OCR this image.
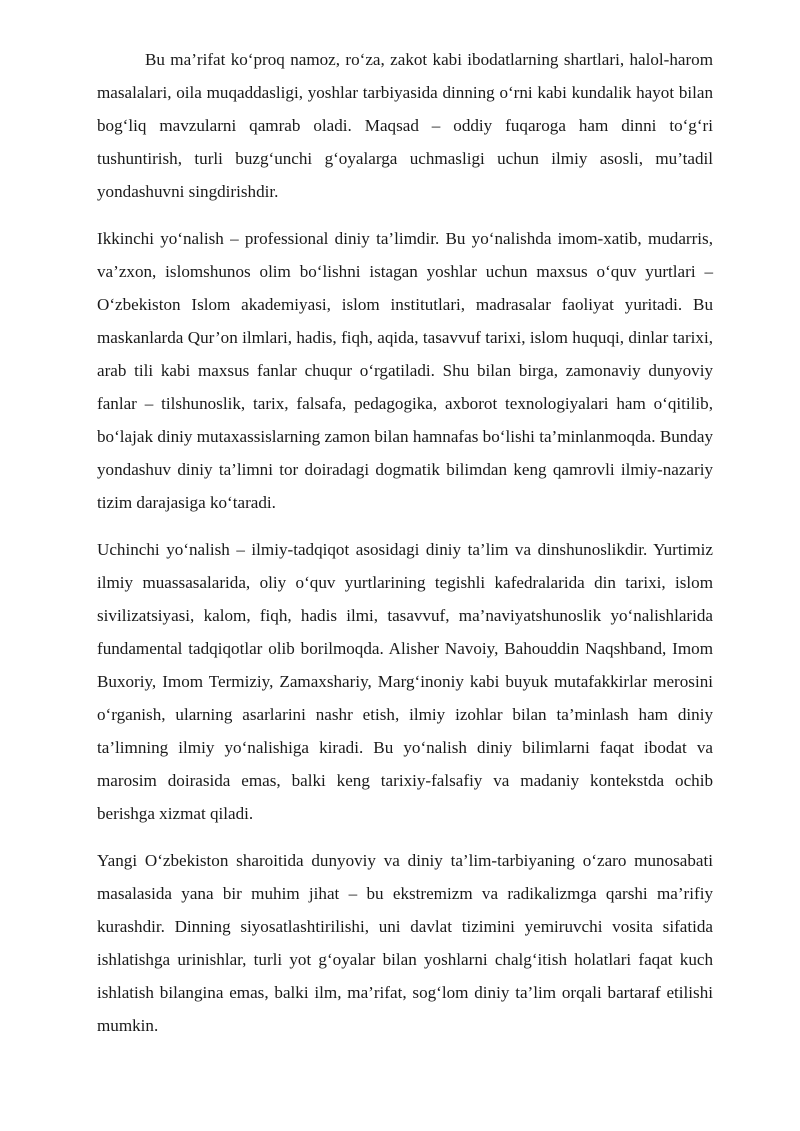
Bu ma’rifat ko‘proq namoz, ro‘za, zakot kabi ibodatlarning shartlari, halol-harom masalalari, oila muqaddasligi, yoshlar tarbiyasida dinning o‘rni kabi kundalik hayot bilan bog‘liq mavzularni qamrab oladi. Maqsad – oddiy fuqaroga ham dinni to‘g‘ri tushuntirish, turli buzg‘unchi g‘oyalarga uchmasligi uchun ilmiy asosli, mu’tadil yondashuvni singdirishdir.

Ikkinchi yo‘nalish – professional diniy ta’limdir. Bu yo‘nalishda imom-xatib, mudarris, va’zxon, islomshunos olim bo‘lishni istagan yoshlar uchun maxsus o‘quv yurtlari – O‘zbekiston Islom akademiyasi, islom institutlari, madrasalar faoliyat yuritadi. Bu maskanlarda Qur’on ilmlari, hadis, fiqh, aqida, tasavvuf tarixi, islom huquqi, dinlar tarixi, arab tili kabi maxsus fanlar chuqur o‘rgatiladi. Shu bilan birga, zamonaviy dunyoviy fanlar – tilshunoslik, tarix, falsafa, pedagogika, axborot texnologiyalari ham o‘qitilib, bo‘lajak diniy mutaxassislarning zamon bilan hamnafas bo‘lishi ta’minlanmoqda. Bunday yondashuv diniy ta’limni tor doiradagi dogmatik bilimdan keng qamrovli ilmiy-nazariy tizim darajasiga ko‘taradi.

Uchinchi yo‘nalish – ilmiy-tadqiqot asosidagi diniy ta’lim va dinshunoslikdir. Yurtimiz ilmiy muassasalarida, oliy o‘quv yurtlarining tegishli kafedralarida din tarixi, islom sivilizatsiyasi, kalom, fiqh, hadis ilmi, tasavvuf, ma’naviyatshunoslik yo‘nalishlarida fundamental tadqiqotlar olib borilmoqda. Alisher Navoiy, Bahouddin Naqshband, Imom Buxoriy, Imom Termiziy, Zamaxshariy, Marg‘inoniy kabi buyuk mutafakkirlar merosini o‘rganish, ularning asarlarini nashr etish, ilmiy izohlar bilan ta’minlash ham diniy ta’limning ilmiy yo‘nalishiga kiradi. Bu yo‘nalish diniy bilimlarni faqat ibodat va marosim doirasida emas, balki keng tarixiy-falsafiy va madaniy kontekstda ochib berishga xizmat qiladi.

Yangi O‘zbekiston sharoitida dunyoviy va diniy ta’lim-tarbiyaning o‘zaro munosabati masalasida yana bir muhim jihat – bu ekstremizm va radikalizmga qarshi ma’rifiy kurashdir. Dinning siyosatlashtirilishi, uni davlat tizimini yemiruvchi vosita sifatida ishlatishga urinishlar, turli yot g‘oyalar bilan yoshlarni chalg‘itish holatlari faqat kuch ishlatish bilangina emas, balki ilm, ma’rifat, sog‘lom diniy ta’lim orqali bartaraf etilishi mumkin.
